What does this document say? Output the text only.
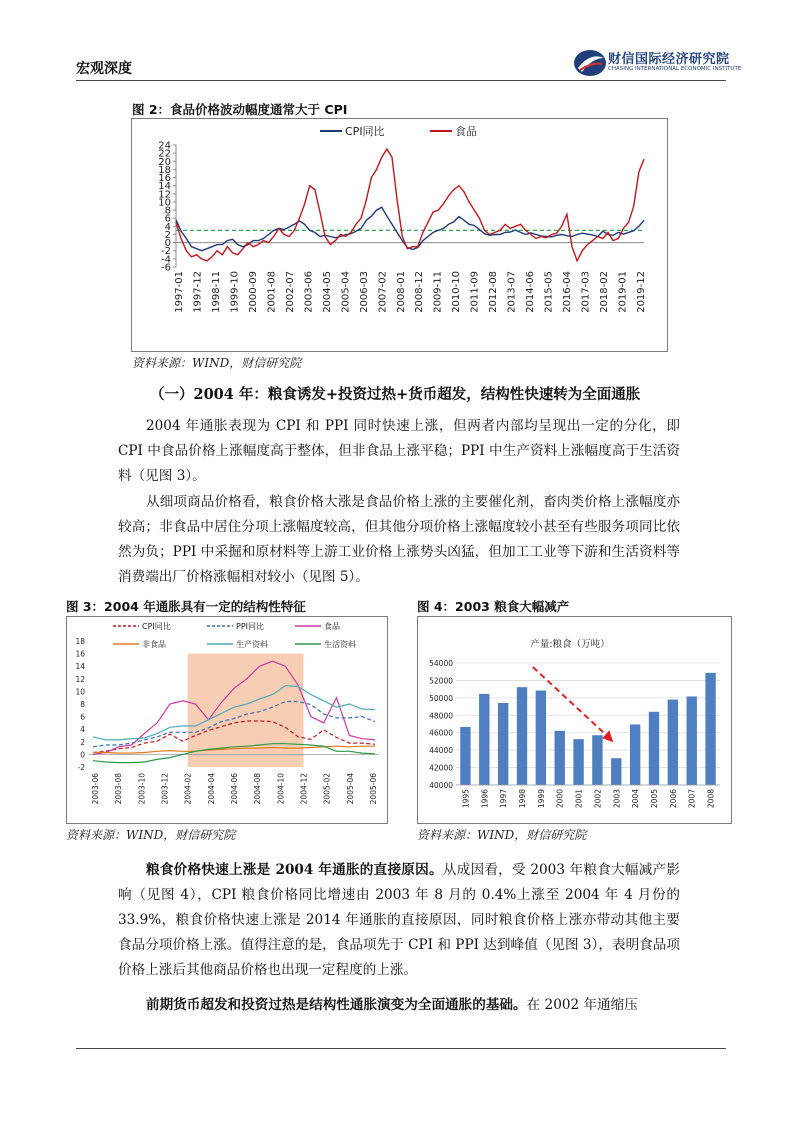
宏观深度
财信国际经济研究院
CHASING INTERNATIONAL ECONOMIC INSTITUTE
图 2：食品价格波动幅度通常大于 CPI
CPI同比	食品
-6
-4
-2
0
2
4
6
8
10
12
14
16
18
20
22
24
1997-01 1997-12 1998-11 1999-10 2000-09 2001-08 2002-07 2003-06 2004-05 2005-04 2006-03 2007-02 2008-01 2008-12 2009-11 2010-10 2011-09 2012-08 2013-07 2014-06 2015-05 2016-04 2017-03 2018-02 2019-01 2019-12
资料来源：WIND，财信研究院
（一）2004 年：粮食诱发+投资过热+货币超发，结构性快速转为全面通胀
2004 年通胀表现为 CPI 和 PPI 同时快速上涨，但两者内部均呈现出一定的分化，即 CPI 中食品价格上涨幅度高于整体，但非食品上涨平稳；PPI 中生产资料上涨幅度高于生活资料（见图 3）。
从细项商品价格看，粮食价格大涨是食品价格上涨的主要催化剂，畜肉类价格上涨幅度亦较高；非食品中居住分项上涨幅度较高，但其他分项价格上涨幅度较小甚至有些服务项同比依然为负；PPI 中采掘和原材料等上游工业价格上涨势头凶猛，但加工工业等下游和生活资料等消费端出厂价格涨幅相对较小（见图 5）。
图 3：2004 年通胀具有一定的结构性特征
-2
0
2
4
6
8
10
12
14
16
18
2003-06 2003-08 2003-10 2003-12 2004-02 2004-04 2004-06 2004-08 2004-10 2004-12 2005-02 2005-04 2005-06
CPI同比	PPI同比	食品
非食品	生产资料	生活资料
资料来源：WIND，财信研究院
图 4：2003 粮食大幅减产
产量:粮食（万吨）
40000
42000
44000
46000
48000
50000
52000
54000
1995 1996 1997 1998 1999 2000 2001 2002 2003 2004 2005 2006 2007 2008
资料来源：WIND，财信研究院
粮食价格快速上涨是 2004 年通胀的直接原因。从成因看，受 2003 年粮食大幅减产影响（见图 4），CPI 粮食价格同比增速由 2003 年 8 月的 0.4%上涨至 2004 年 4 月份的 33.9%，粮食价格快速上涨是 2014 年通胀的直接原因，同时粮食价格上涨亦带动其他主要食品分项价格上涨。值得注意的是，食品项先于 CPI 和 PPI 达到峰值（见图 3），表明食品项价格上涨后其他商品价格也出现一定程度的上涨。
前期货币超发和投资过热是结构性通胀演变为全面通胀的基础。在 2002 年通缩压
